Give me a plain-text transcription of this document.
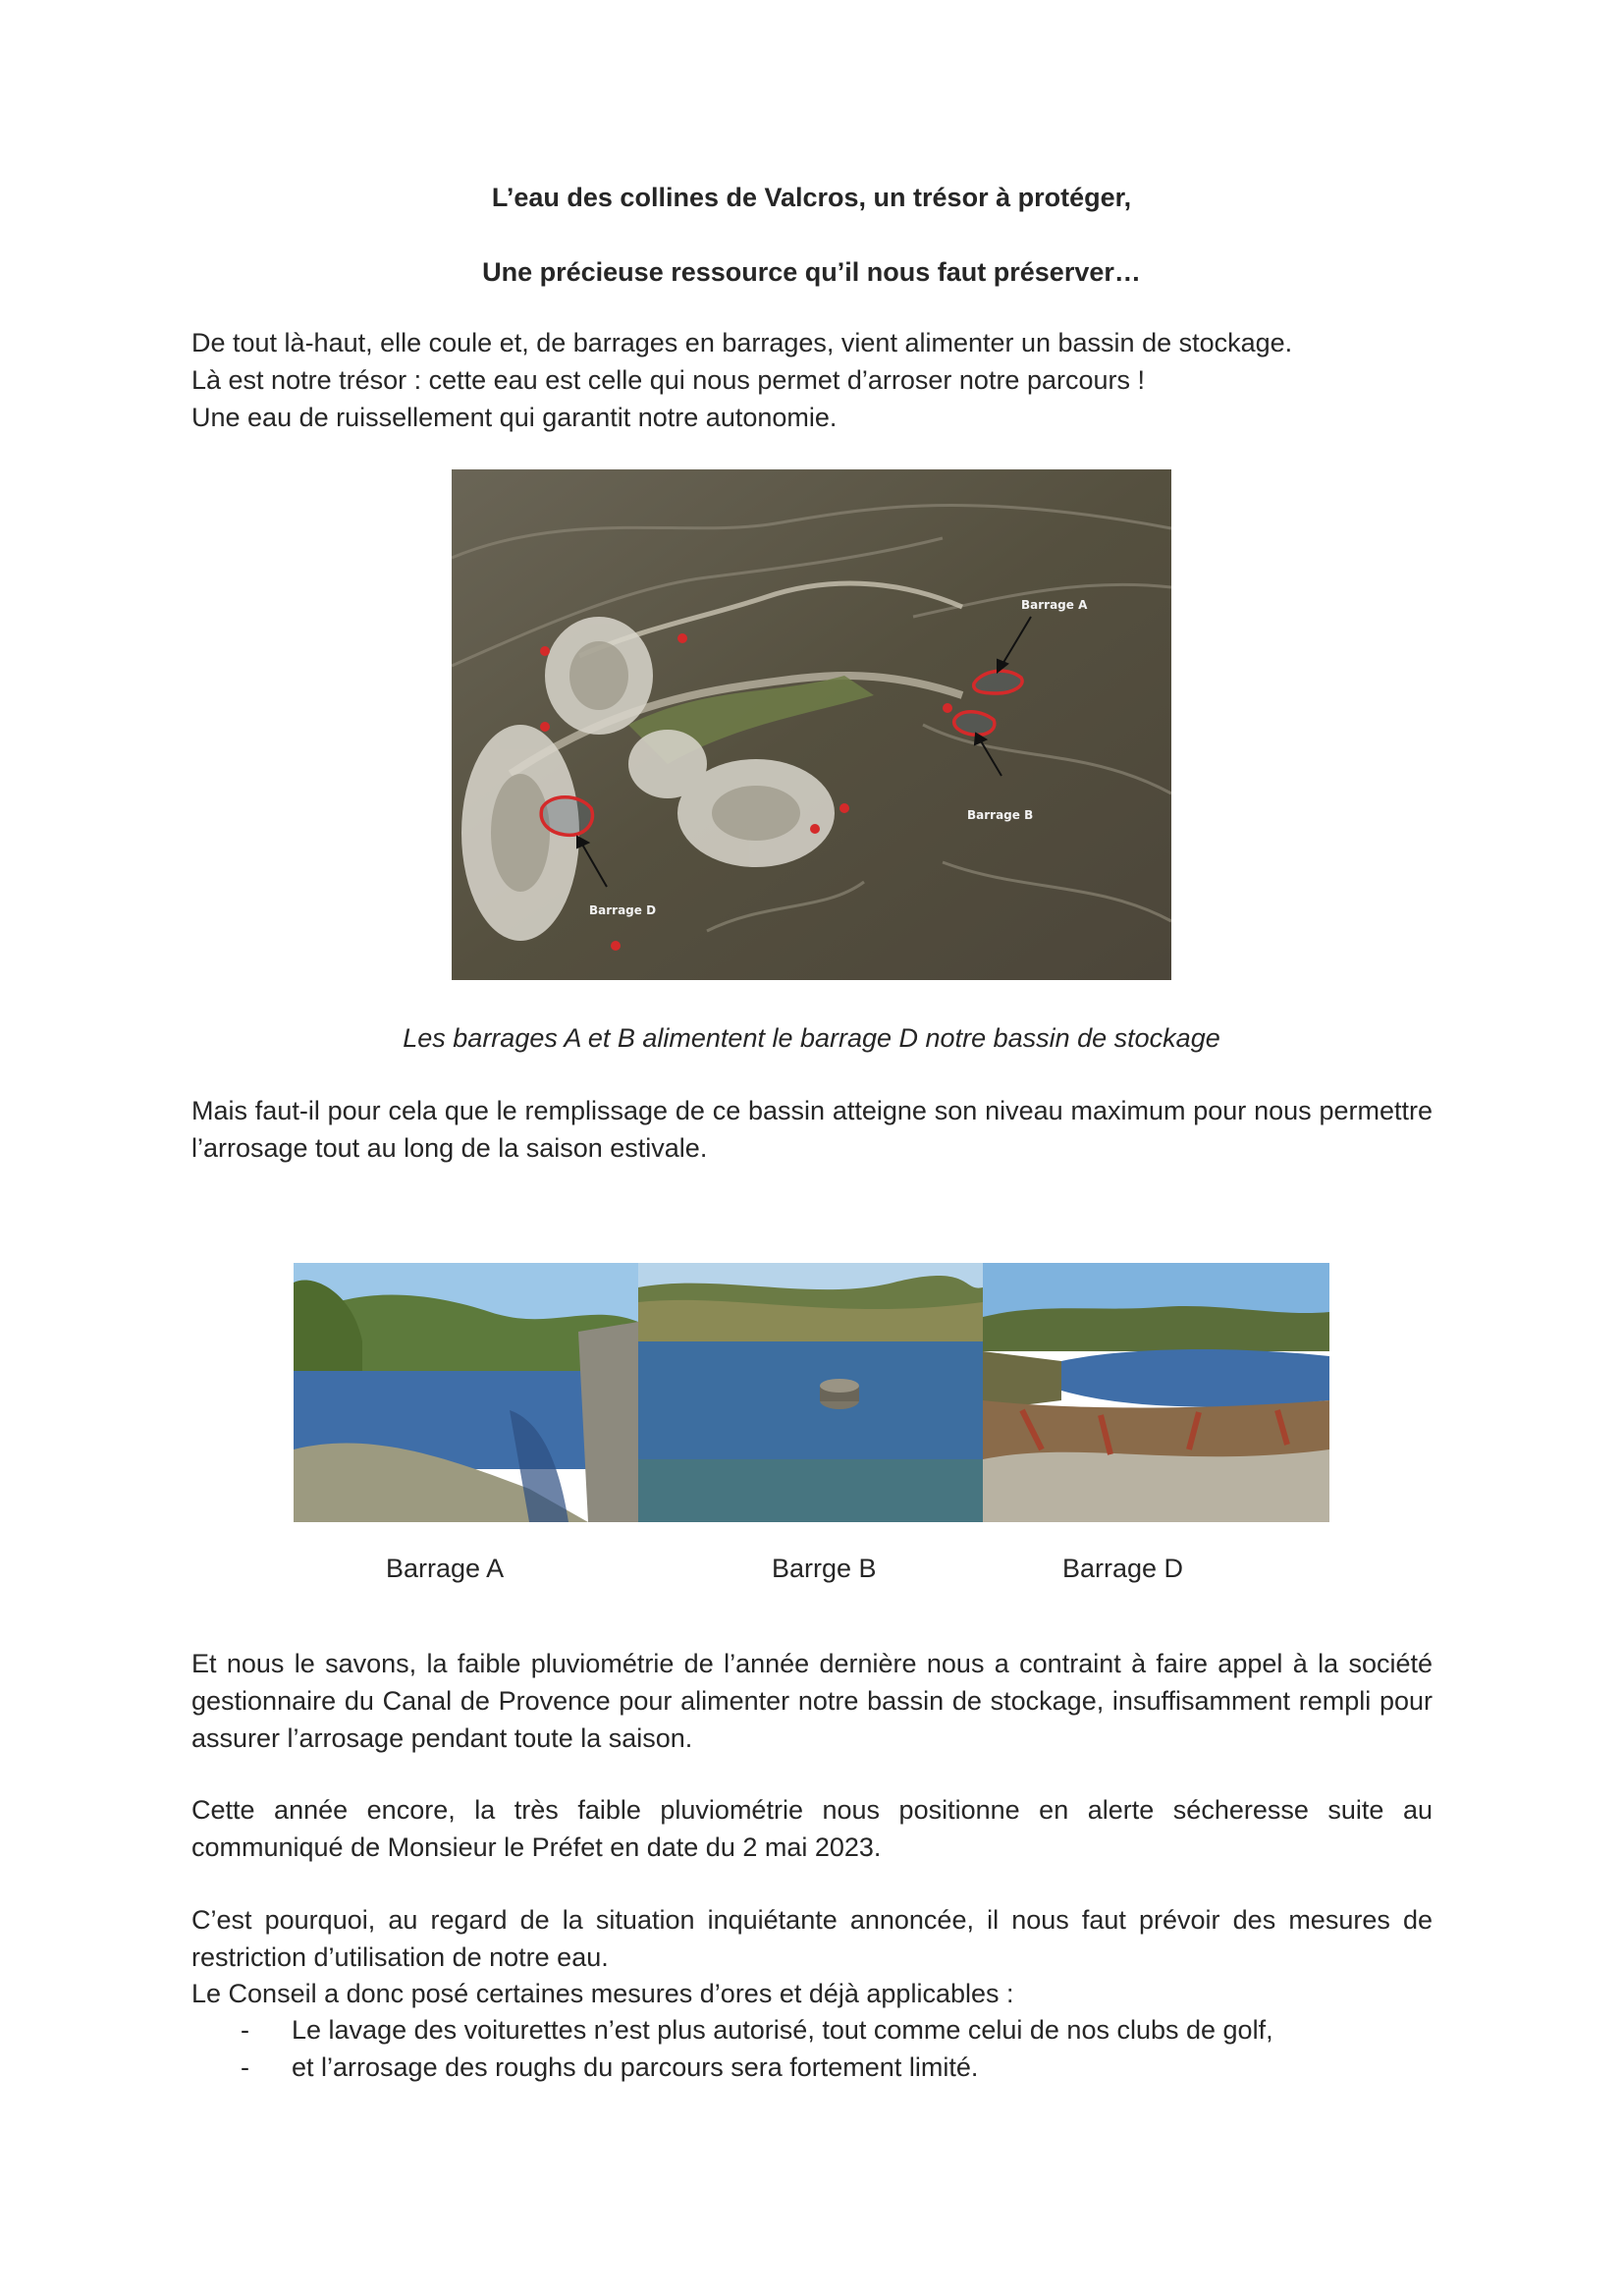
L’eau des collines de Valcros, un trésor à protéger,

Une précieuse ressource qu’il nous faut préserver…

De tout là-haut, elle coule et, de barrages en barrages, vient alimenter un bassin de stockage.
Là est notre trésor : cette eau est celle qui nous permet d’arroser notre parcours !
Une eau de ruissellement qui garantit notre autonomie.
Barrage A
Barrage B
Barrage D

Les barrages A et B alimentent le barrage D notre bassin de stockage

Mais faut-il pour cela que le remplissage de ce bassin atteigne son niveau maximum pour nous permettre l’arrosage tout au long de la saison estivale.

Barrage A	Barrge B	Barrage D

Et nous le savons, la faible pluviométrie de l’année dernière nous a contraint à faire appel à la société gestionnaire du Canal de Provence pour alimenter notre bassin de stockage, insuffisamment rempli pour assurer l’arrosage pendant toute la saison.

Cette année encore, la très faible pluviométrie nous positionne en alerte sécheresse suite au communiqué de Monsieur le Préfet en date du 2 mai 2023.

C’est pourquoi, au regard de la situation inquiétante annoncée, il nous faut prévoir des mesures de restriction d’utilisation de notre eau.

Le Conseil a donc posé certaines mesures d’ores et déjà applicables :

- Le lavage des voiturettes n’est plus autorisé, tout comme celui de nos clubs de golf,
- et l’arrosage des roughs du parcours sera fortement limité.
